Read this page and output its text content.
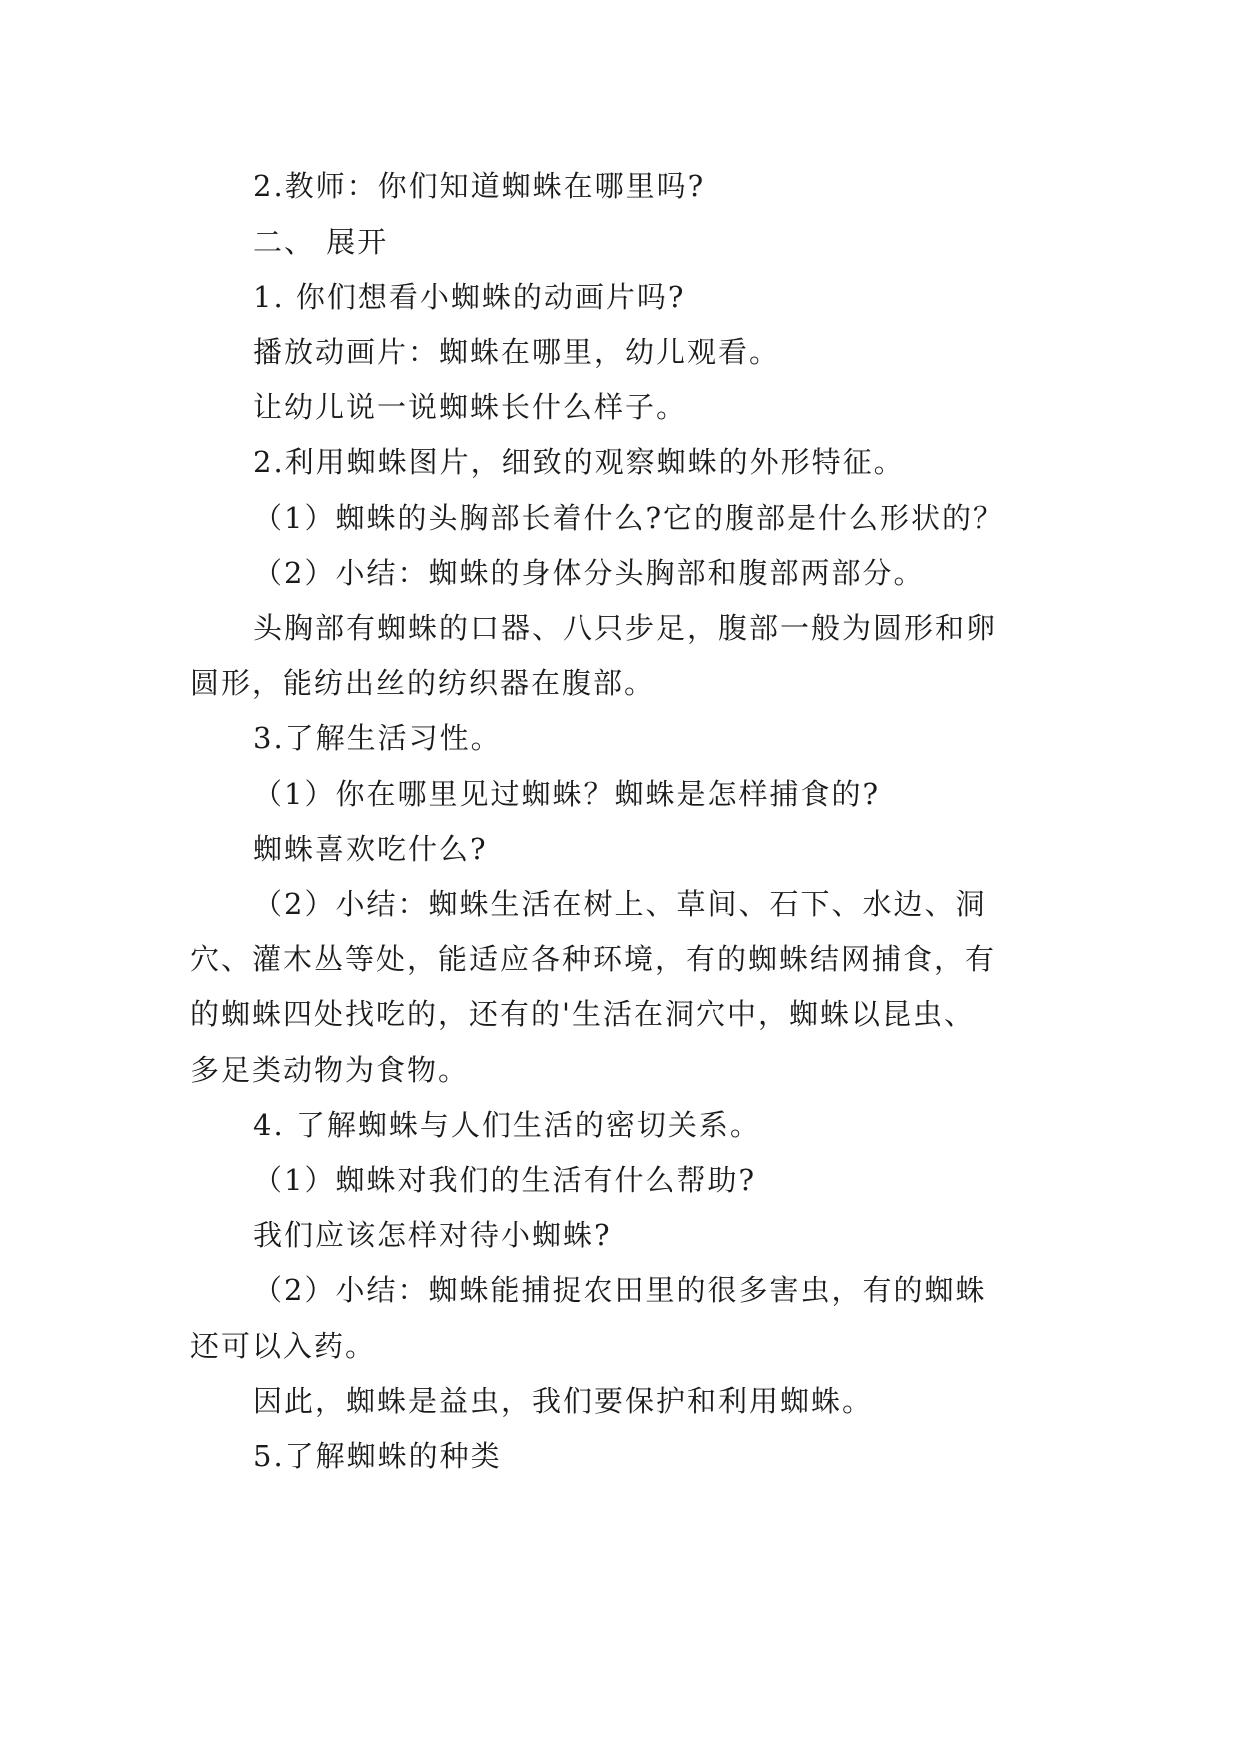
2.教师：你们知道蜘蛛在哪里吗?
二、 展开
1. 你们想看小蜘蛛的动画片吗?
播放动画片：蜘蛛在哪里，幼儿观看。
让幼儿说一说蜘蛛长什么样子。
2.利用蜘蛛图片，细致的观察蜘蛛的外形特征。
（1）蜘蛛的头胸部长着什么?它的腹部是什么形状的？
（2）小结：蜘蛛的身体分头胸部和腹部两部分。
头胸部有蜘蛛的口器、八只步足，腹部一般为圆形和卵
圆形，能纺出丝的纺织器在腹部。
3.了解生活习性。
（1）你在哪里见过蜘蛛？蜘蛛是怎样捕食的?
蜘蛛喜欢吃什么?
（2）小结：蜘蛛生活在树上、草间、石下、水边、洞
穴、灌木丛等处，能适应各种环境，有的蜘蛛结网捕食，有
的蜘蛛四处找吃的，还有的'生活在洞穴中，蜘蛛以昆虫、
多足类动物为食物。
4. 了解蜘蛛与人们生活的密切关系。
（1）蜘蛛对我们的生活有什么帮助?
我们应该怎样对待小蜘蛛?
（2）小结：蜘蛛能捕捉农田里的很多害虫，有的蜘蛛
还可以入药。
因此，蜘蛛是益虫，我们要保护和利用蜘蛛。
5.了解蜘蛛的种类
